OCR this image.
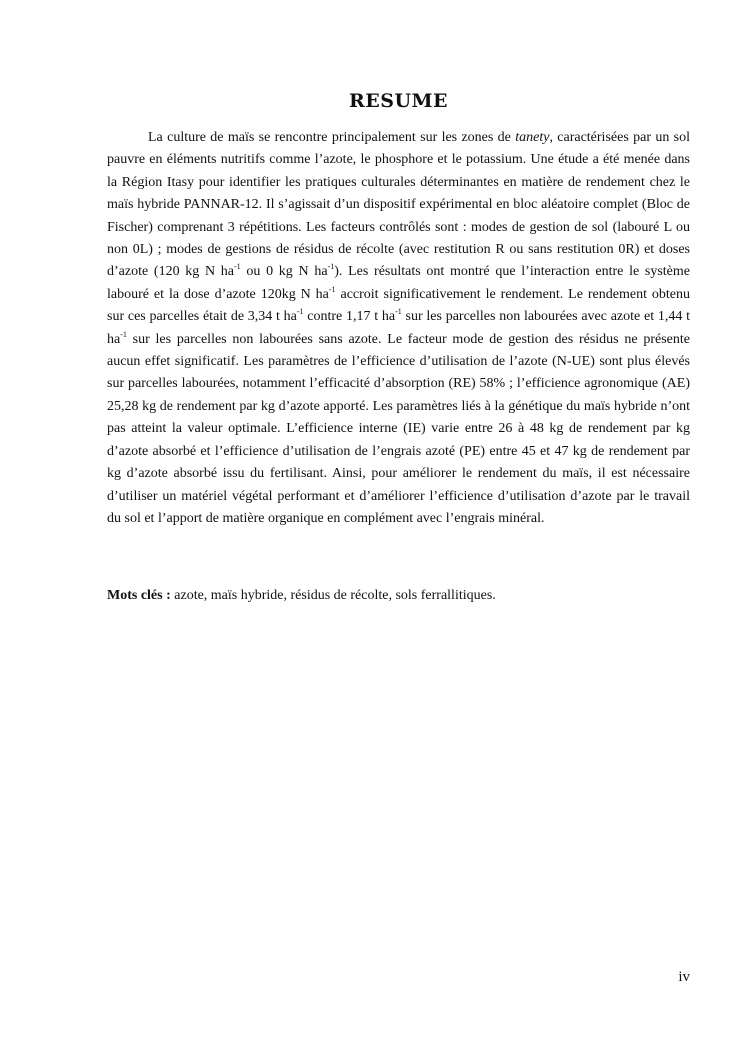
RESUME

La culture de maïs se rencontre principalement sur les zones de tanety, caractérisées par un sol pauvre en éléments nutritifs comme l’azote, le phosphore et le potassium. Une étude a été menée dans la Région Itasy pour identifier les pratiques culturales déterminantes en matière de rendement chez le maïs hybride PANNAR-12. Il s’agissait d’un dispositif expérimental en bloc aléatoire complet (Bloc de Fischer) comprenant 3 répétitions. Les facteurs contrôlés sont : modes de gestion de sol (labouré L ou non 0L) ; modes de gestions de résidus de récolte (avec restitution R ou sans restitution 0R) et doses d’azote (120 kg N $ha^{-1}$ ou 0 kg N $ha^{-1}$). Les résultats ont montré que l’interaction entre le système labouré et la dose d’azote 120kg N $ha^{-1}$ accroit significativement le rendement. Le rendement obtenu sur ces parcelles était de 3,34 t $ha^{-1}$ contre 1,17 t $ha^{-1}$ sur les parcelles non labourées avec azote et 1,44 t $ha^{-1}$ sur les parcelles non labourées sans azote. Le facteur mode de gestion des résidus ne présente aucun effet significatif. Les paramètres de l’efficience d’utilisation de l’azote (N-UE) sont plus élevés sur parcelles labourées, notamment l’efficacité d’absorption (RE) 58% ; l’efficience agronomique (AE) 25,28 kg de rendement par kg d’azote apporté. Les paramètres liés à la génétique du maïs hybride n’ont pas atteint la valeur optimale. L’efficience interne (IE) varie entre 26 à 48 kg de rendement par kg d’azote absorbé et l’efficience d’utilisation de l’engrais azoté (PE) entre 45 et 47 kg de rendement par kg d’azote absorbé issu du fertilisant. Ainsi, pour améliorer le rendement du maïs, il est nécessaire d’utiliser un matériel végétal performant et d’améliorer l’efficience d’utilisation d’azote par le travail du sol et l’apport de matière organique en complément avec l’engrais minéral.

Mots clés : azote, maïs hybride, résidus de récolte, sols ferrallitiques.

iv
